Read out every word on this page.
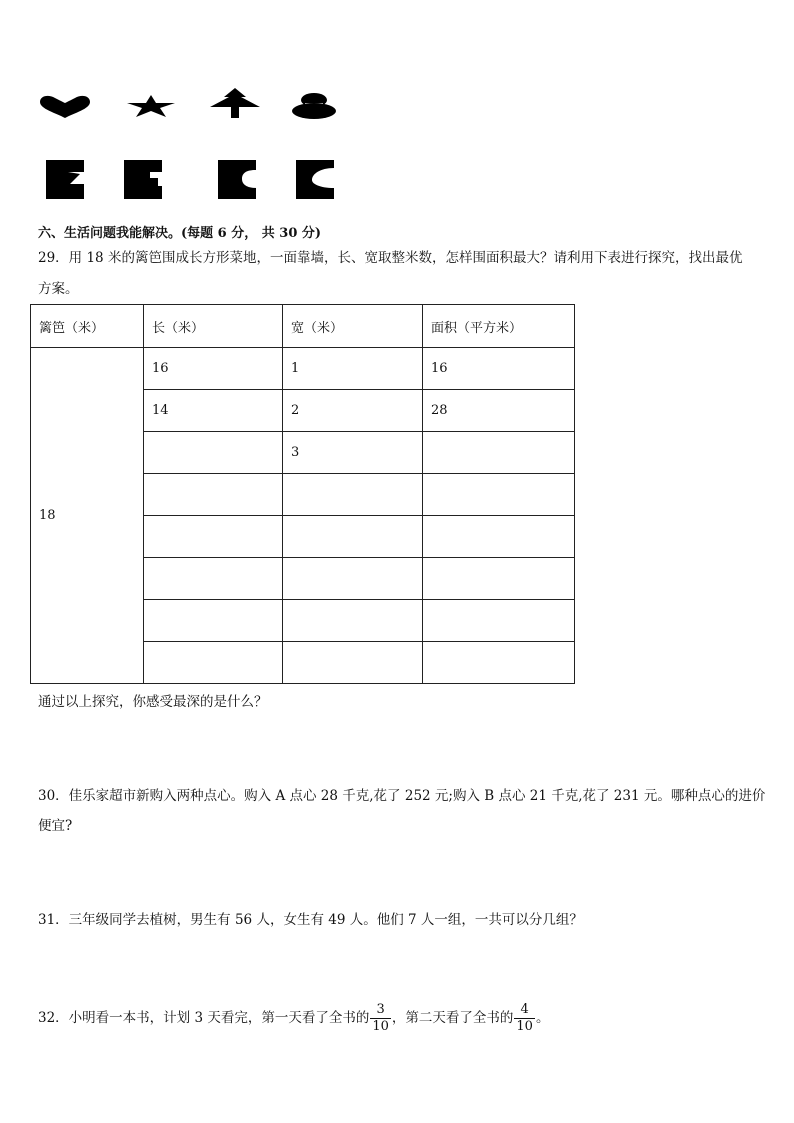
六、生活问题我能解决。(每题 6 分， 共 30 分)
29．用 18 米的篱笆围成长方形菜地，一面靠墙，长、宽取整米数，怎样围面积最大？请利用下表进行探究，找出最优
方案。
篱笆（米）	长（米）	宽（米）	面积（平方米）
18	16	1	16
	14	2	28
		3	

通过以上探究，你感受最深的是什么？
30．佳乐家超市新购入两种点心。购入 A 点心 28 千克,花了 252 元;购入 B 点心 21 千克,花了 231 元。哪种点心的进价
便宜?
31．三年级同学去植树，男生有 56 人，女生有 49 人。他们 7 人一组，一共可以分几组？
32．小明看一本书，计划 3 天看完，第一天看了全书的 $\frac{3}{10}$ ，第二天看了全书的 $\frac{4}{10}$ 。
